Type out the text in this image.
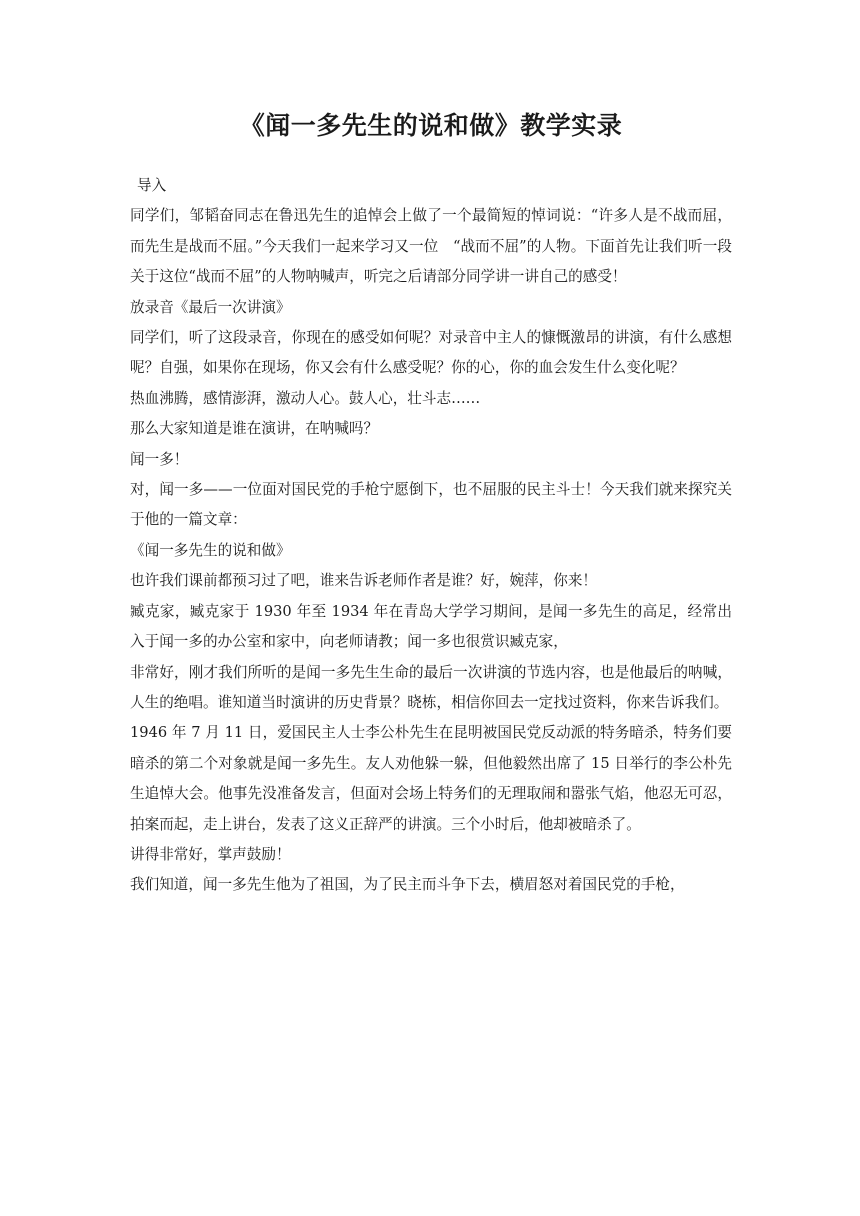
《闻一多先生的说和做》教学实录

导入

同学们，邹韬奋同志在鲁迅先生的追悼会上做了一个最简短的悼词说：“许多人是不战而屈，而先生是战而不屈。”今天我们一起来学习又一位　“战而不屈”的人物。下面首先让我们听一段关于这位“战而不屈”的人物呐喊声，听完之后请部分同学讲一讲自己的感受！

放录音《最后一次讲演》

同学们，听了这段录音，你现在的感受如何呢？对录音中主人的慷慨激昂的讲演，有什么感想呢？自强，如果你在现场，你又会有什么感受呢？你的心，你的血会发生什么变化呢？

热血沸腾，感情澎湃，激动人心。鼓人心，壮斗志……

那么大家知道是谁在演讲，在呐喊吗？

闻一多！

对，闻一多——一位面对国民党的手枪宁愿倒下，也不屈服的民主斗士！今天我们就来探究关于他的一篇文章：

《闻一多先生的说和做》

也许我们课前都预习过了吧，谁来告诉老师作者是谁？好，婉萍，你来！

臧克家，臧克家于 1930 年至 1934 年在青岛大学学习期间，是闻一多先生的高足，经常出入于闻一多的办公室和家中，向老师请教；闻一多也很赏识臧克家，

非常好，刚才我们所听的是闻一多先生生命的最后一次讲演的节选内容，也是他最后的呐喊，人生的绝唱。谁知道当时演讲的历史背景？晓栋，相信你回去一定找过资料，你来告诉我们。

1946 年 7 月 11 日，爱国民主人士李公朴先生在昆明被国民党反动派的特务暗杀，特务们要暗杀的第二个对象就是闻一多先生。友人劝他躲一躲，但他毅然出席了 15 日举行的李公朴先生追悼大会。他事先没准备发言，但面对会场上特务们的无理取闹和嚣张气焰，他忍无可忍，拍案而起，走上讲台，发表了这义正辞严的讲演。三个小时后，他却被暗杀了。

讲得非常好，掌声鼓励！

我们知道，闻一多先生他为了祖国，为了民主而斗争下去，横眉怒对着国民党的手枪，
